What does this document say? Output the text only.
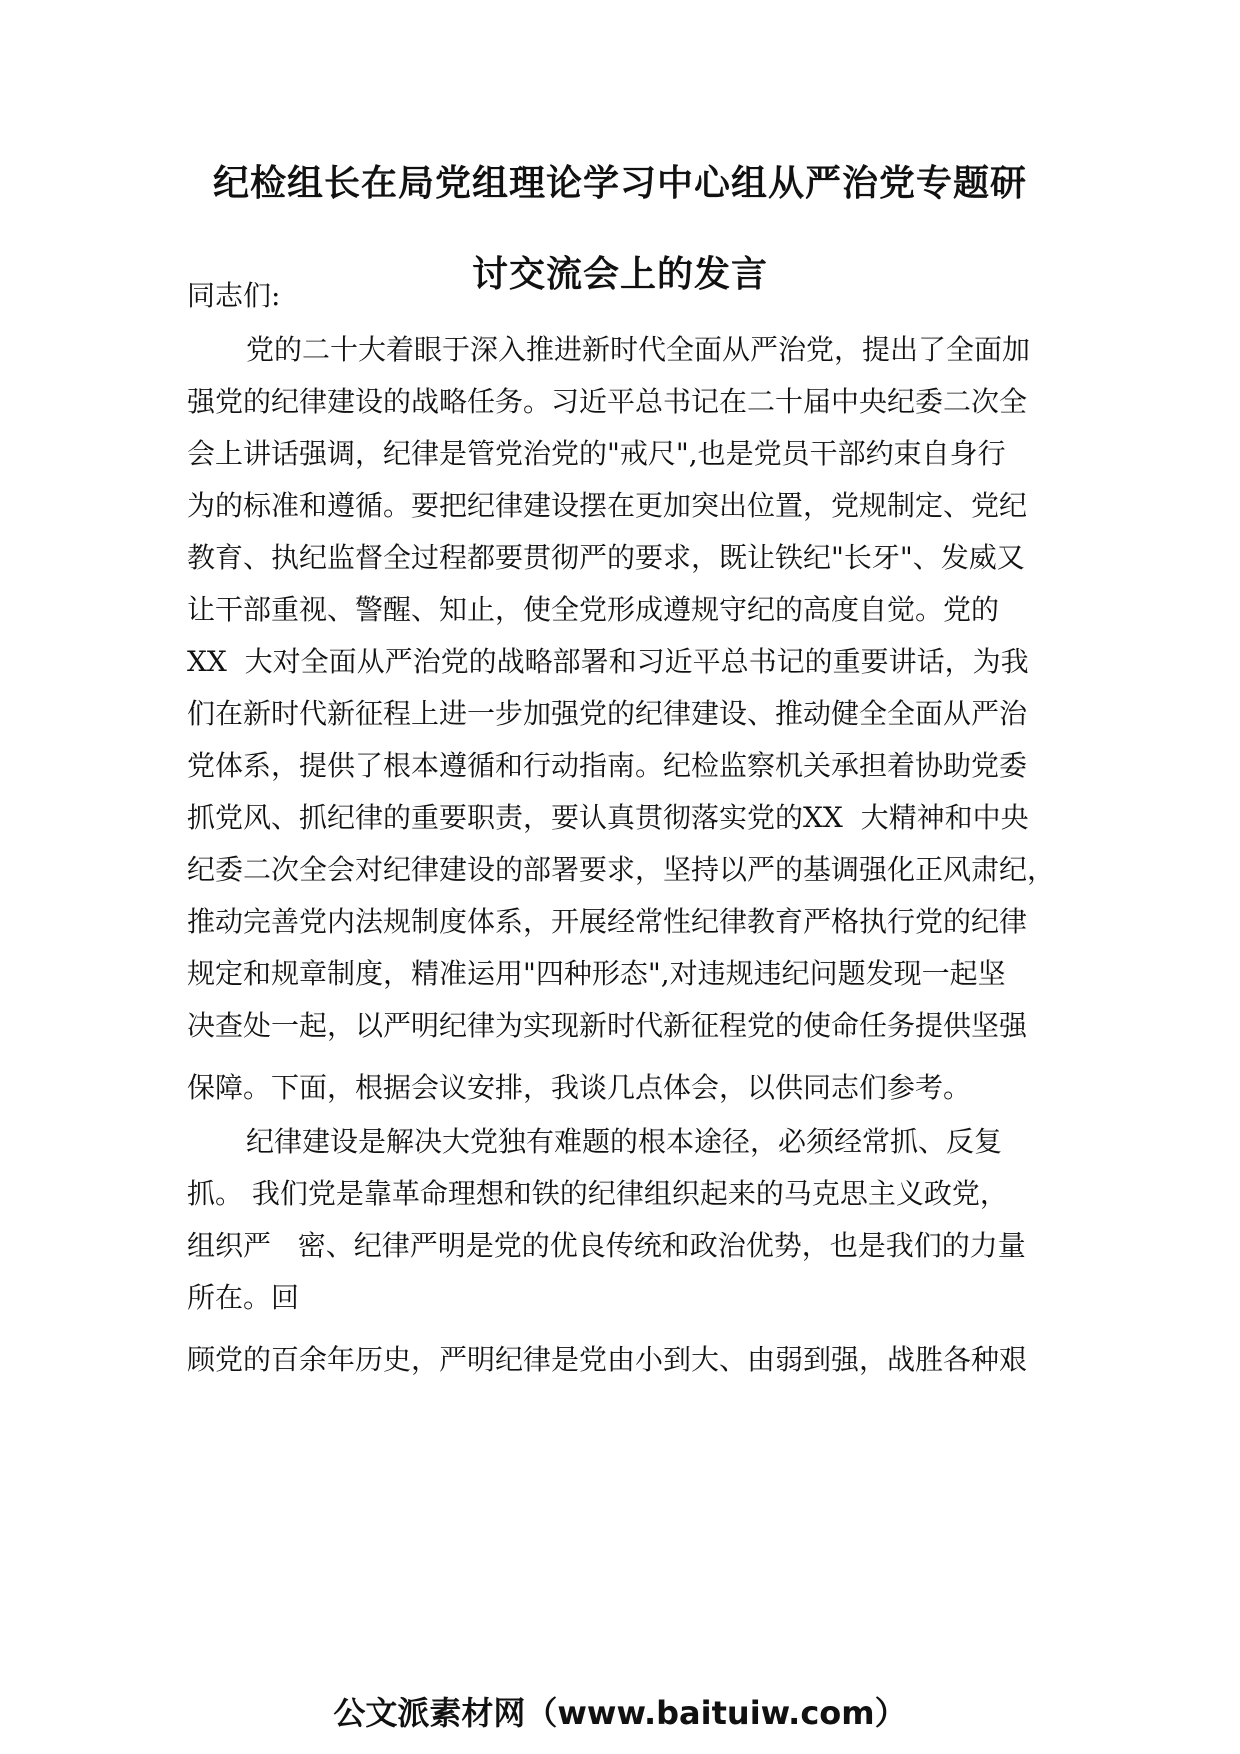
纪检组长在局党组理论学习中心组从严治党专题研
讨交流会上的发言
同志们:
党的二十大着眼于深入推进新时代全面从严治党，提出了全面加
强党的纪律建设的战略任务。习近平总书记在二十届中央纪委二次全
会上讲话强调，纪律是管党治党的"戒尺",也是党员干部约束自身行
为的标准和遵循。要把纪律建设摆在更加突出位置，党规制定、党纪
教育、执纪监督全过程都要贯彻严的要求，既让铁纪"长牙"、发威又
让干部重视、警醒、知止，使全党形成遵规守纪的高度自觉。党的
XX  大对全面从严治党的战略部署和习近平总书记的重要讲话，为我
们在新时代新征程上进一步加强党的纪律建设、推动健全全面从严治
党体系，提供了根本遵循和行动指南。纪检监察机关承担着协助党委
抓党风、抓纪律的重要职责，要认真贯彻落实党的XX  大精神和中央
纪委二次全会对纪律建设的部署要求，坚持以严的基调强化正风肃纪，
推动完善党内法规制度体系，开展经常性纪律教育严格执行党的纪律
规定和规章制度，精准运用"四种形态",对违规违纪问题发现一起坚
决查处一起，以严明纪律为实现新时代新征程党的使命任务提供坚强
保障。下面，根据会议安排，我谈几点体会，以供同志们参考。
纪律建设是解决大党独有难题的根本途径，必须经常抓、反复
抓。 我们党是靠革命理想和铁的纪律组织起来的马克思主义政党，
组织严   密、纪律严明是党的优良传统和政治优势，也是我们的力量
所在。回
顾党的百余年历史，严明纪律是党由小到大、由弱到强，战胜各种艰
公文派素材网（www.baituiw.com）
